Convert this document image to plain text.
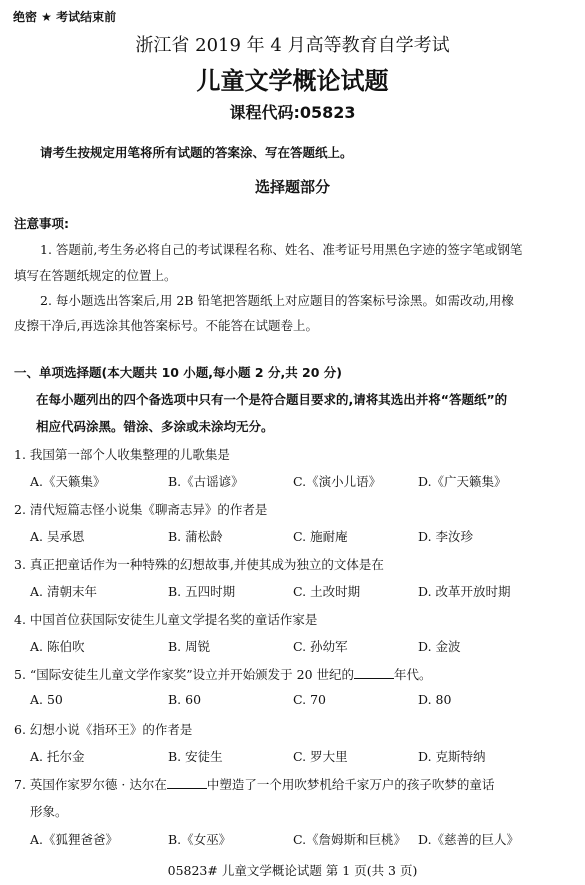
绝密 ★ 考试结束前
浙江省 2019 年 4 月高等教育自学考试
儿童文学概论试题
课程代码:05823
请考生按规定用笔将所有试题的答案涂、写在答题纸上。
选择题部分
注意事项:
1. 答题前,考生务必将自己的考试课程名称、姓名、准考证号用黑色字迹的签字笔或钢笔
填写在答题纸规定的位置上。
2. 每小题选出答案后,用 2B 铅笔把答题纸上对应题目的答案标号涂黑。如需改动,用橡
皮擦干净后,再选涂其他答案标号。不能答在试题卷上。
一、单项选择题(本大题共 10 小题,每小题 2 分,共 20 分)
在每小题列出的四个备选项中只有一个是符合题目要求的,请将其选出并将“答题纸”的
相应代码涂黑。错涂、多涂或未涂均无分。
1. 我国第一部个人收集整理的儿歌集是
A.《天籁集》	B.《古谣谚》	C.《演小儿语》	D.《广天籁集》
2. 清代短篇志怪小说集《聊斋志异》的作者是
A. 吴承恩	B. 蒲松龄	C. 施耐庵	D. 李汝珍
3. 真正把童话作为一种特殊的幻想故事,并使其成为独立的文体是在
A. 清朝末年	B. 五四时期	C. 土改时期	D. 改革开放时期
4. 中国首位获国际安徒生儿童文学提名奖的童话作家是
A. 陈伯吹	B. 周锐	C. 孙幼军	D. 金波
5. “国际安徒生儿童文学作家奖”设立并开始颁发于 20 世纪的	年代。
A. 50	B. 60	C. 70	D. 80
6. 幻想小说《指环王》的作者是
A. 托尔金	B. 安徒生	C. 罗大里	D. 克斯特纳
7. 英国作家罗尔德 · 达尔在	中塑造了一个用吹梦机给千家万户的孩子吹梦的童话
形象。
A.《狐狸爸爸》	B.《女巫》	C.《詹姆斯和巨桃》 D.《慈善的巨人》
05823# 儿童文学概论试题 第 1 页(共 3 页)
